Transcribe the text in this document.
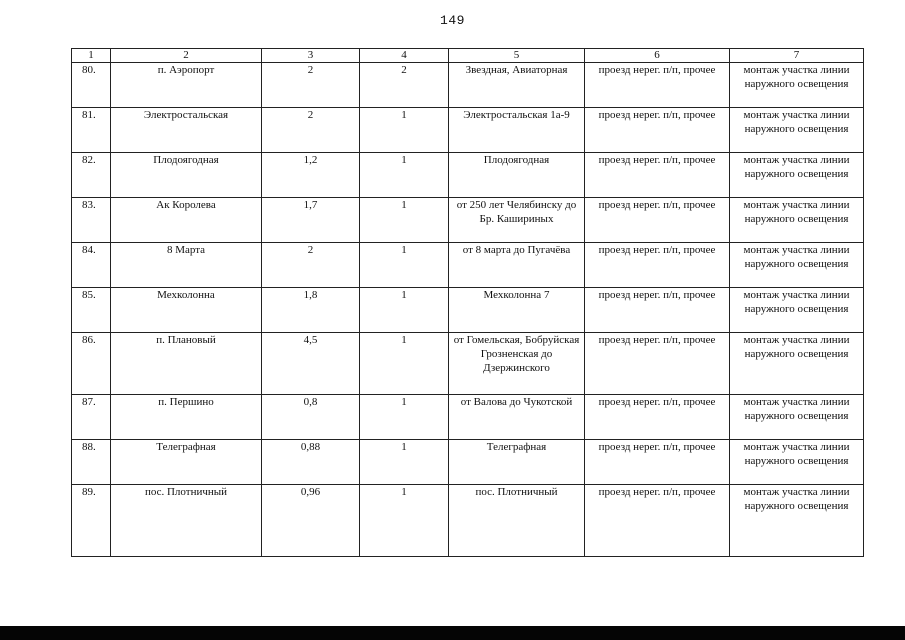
149
1	2	3	4	5	6	7
80.	п. Аэропорт	2	2	Звездная, Авиаторная	проезд нерег. п/п, прочее	монтаж участка линии наружного освещения
81.	Электростальская	2	1	Электростальская 1а-9	проезд нерег. п/п, прочее	монтаж участка линии наружного освещения
82.	Плодоягодная	1,2	1	Плодоягодная	проезд нерег. п/п, прочее	монтаж участка линии наружного освещения
83.	Ак Королева	1,7	1	от 250 лет Челябинску до Бр. Кашириных	проезд нерег. п/п, прочее	монтаж участка линии наружного освещения
84.	8 Марта	2	1	от 8 марта до Пугачёва	проезд нерег. п/п, прочее	монтаж участка линии наружного освещения
85.	Мехколонна	1,8	1	Мехколонна 7	проезд нерег. п/п, прочее	монтаж участка линии наружного освещения
86.	п. Плановый	4,5	1	от Гомельская, Бобруйская Грозненская до Дзержинского	проезд нерег. п/п, прочее	монтаж участка линии наружного освещения
87.	п. Першино	0,8	1	от Валова до Чукотской	проезд нерег. п/п, прочее	монтаж участка линии наружного освещения
88.	Телеграфная	0,88	1	Телеграфная	проезд нерег. п/п, прочее	монтаж участка линии наружного освещения
89.	пос. Плотничный	0,96	1	пос. Плотничный	проезд нерег. п/п, прочее	монтаж участка линии наружного освещения
